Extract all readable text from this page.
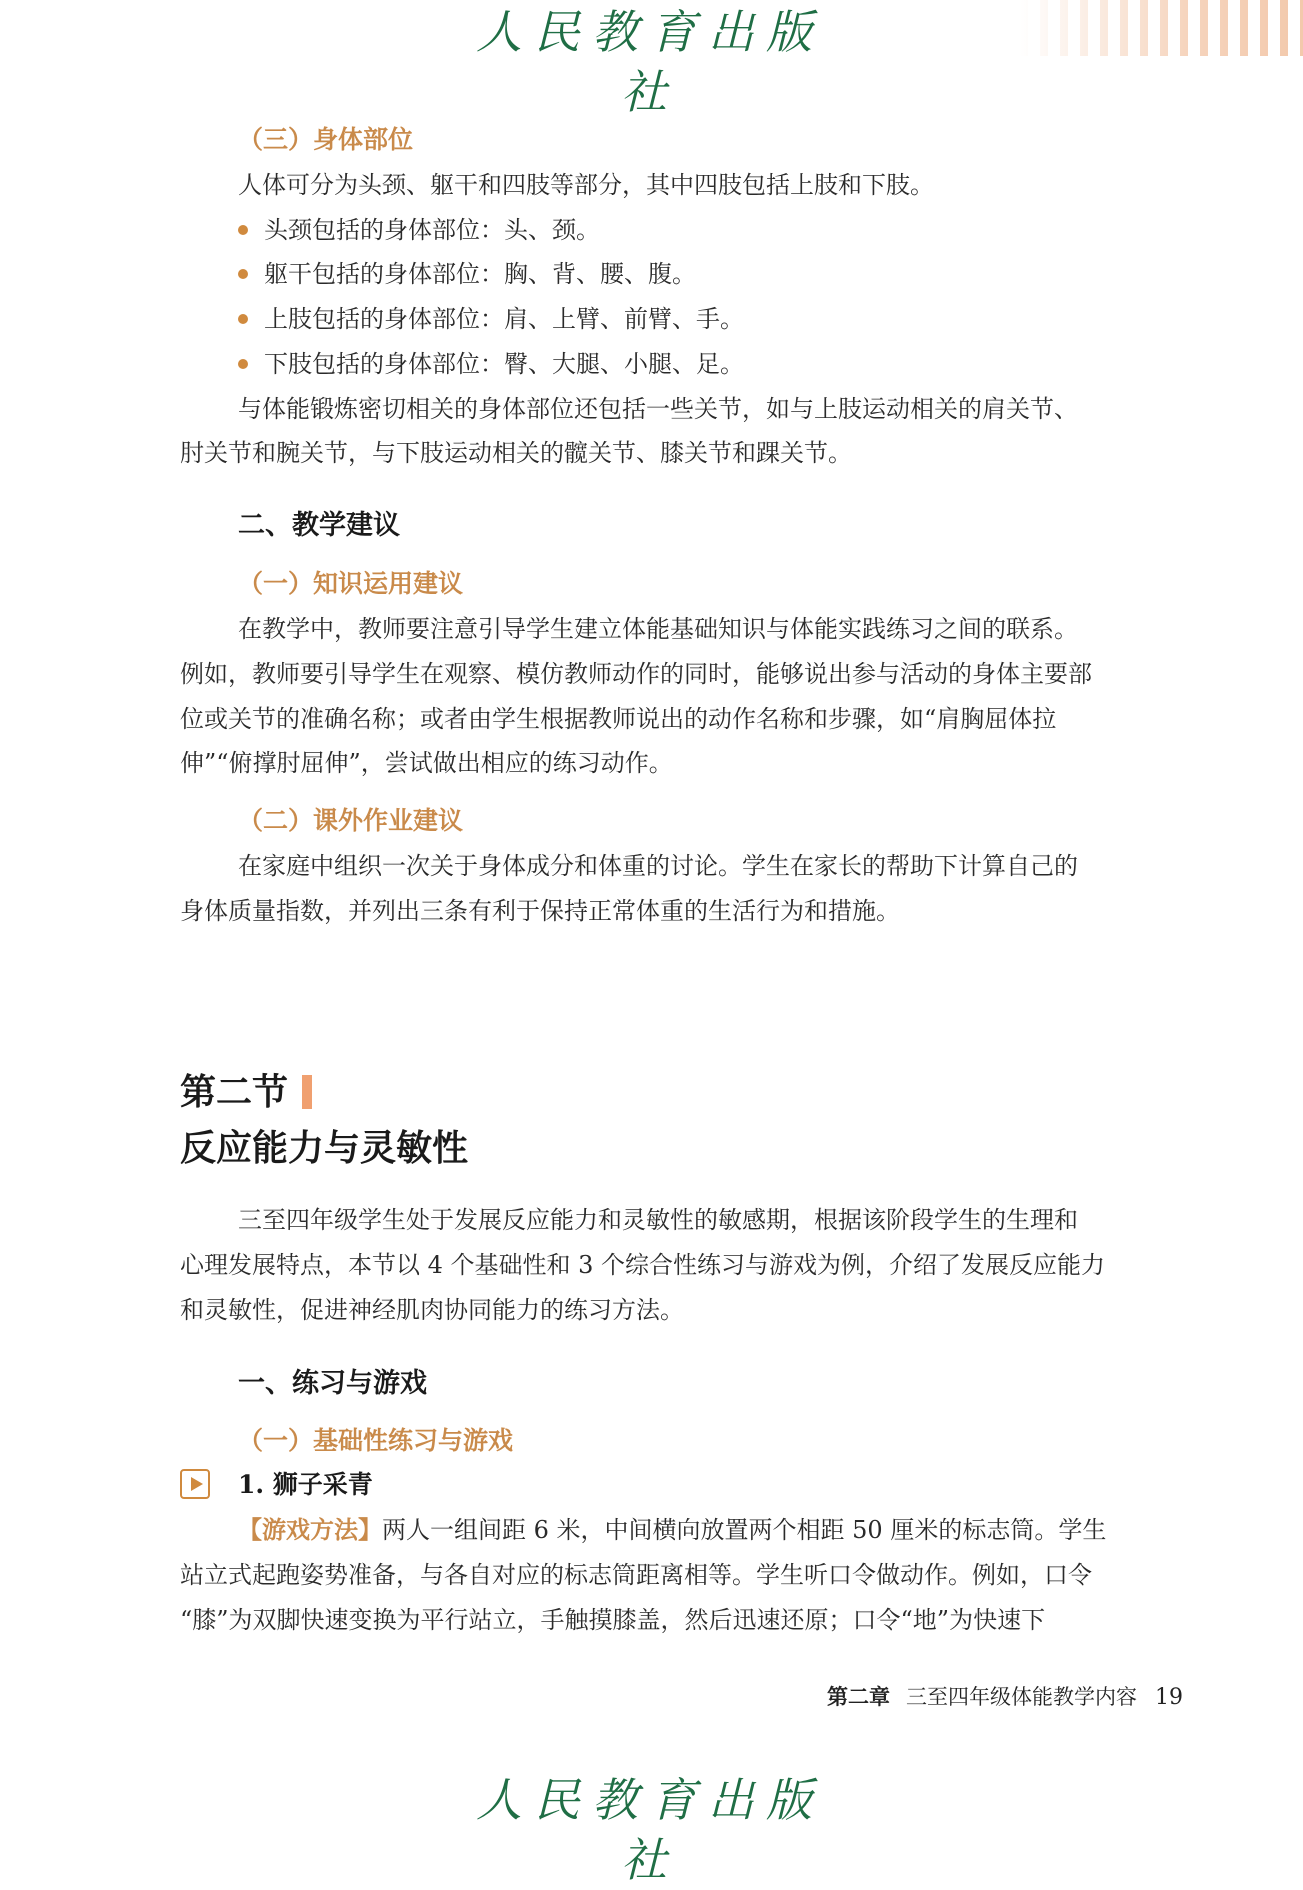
人民教育出版社
（三）身体部位
人体可分为头颈、躯干和四肢等部分，其中四肢包括上肢和下肢。
头颈包括的身体部位：头、颈。
躯干包括的身体部位：胸、背、腰、腹。
上肢包括的身体部位：肩、上臂、前臂、手。
下肢包括的身体部位：臀、大腿、小腿、足。
与体能锻炼密切相关的身体部位还包括一些关节，如与上肢运动相关的肩关节、
肘关节和腕关节，与下肢运动相关的髋关节、膝关节和踝关节。
二、教学建议
（一）知识运用建议
在教学中，教师要注意引导学生建立体能基础知识与体能实践练习之间的联系。
例如，教师要引导学生在观察、模仿教师动作的同时，能够说出参与活动的身体主要部
位或关节的准确名称；或者由学生根据教师说出的动作名称和步骤，如“肩胸屈体拉
伸”“俯撑肘屈伸”，尝试做出相应的练习动作。
（二）课外作业建议
在家庭中组织一次关于身体成分和体重的讨论。学生在家长的帮助下计算自己的
身体质量指数，并列出三条有利于保持正常体重的生活行为和措施。
第二节
反应能力与灵敏性
三至四年级学生处于发展反应能力和灵敏性的敏感期，根据该阶段学生的生理和
心理发展特点，本节以 4 个基础性和 3 个综合性练习与游戏为例，介绍了发展反应能力
和灵敏性，促进神经肌肉协同能力的练习方法。
一、练习与游戏
（一）基础性练习与游戏
1. 狮子采青
【游戏方法】两人一组间距 6 米，中间横向放置两个相距 50 厘米的标志筒。学生
站立式起跑姿势准备，与各自对应的标志筒距离相等。学生听口令做动作。例如，口令
“膝”为双脚快速变换为平行站立，手触摸膝盖，然后迅速还原；口令“地”为快速下
第二章 三至四年级体能教学内容 19
人民教育出版社
